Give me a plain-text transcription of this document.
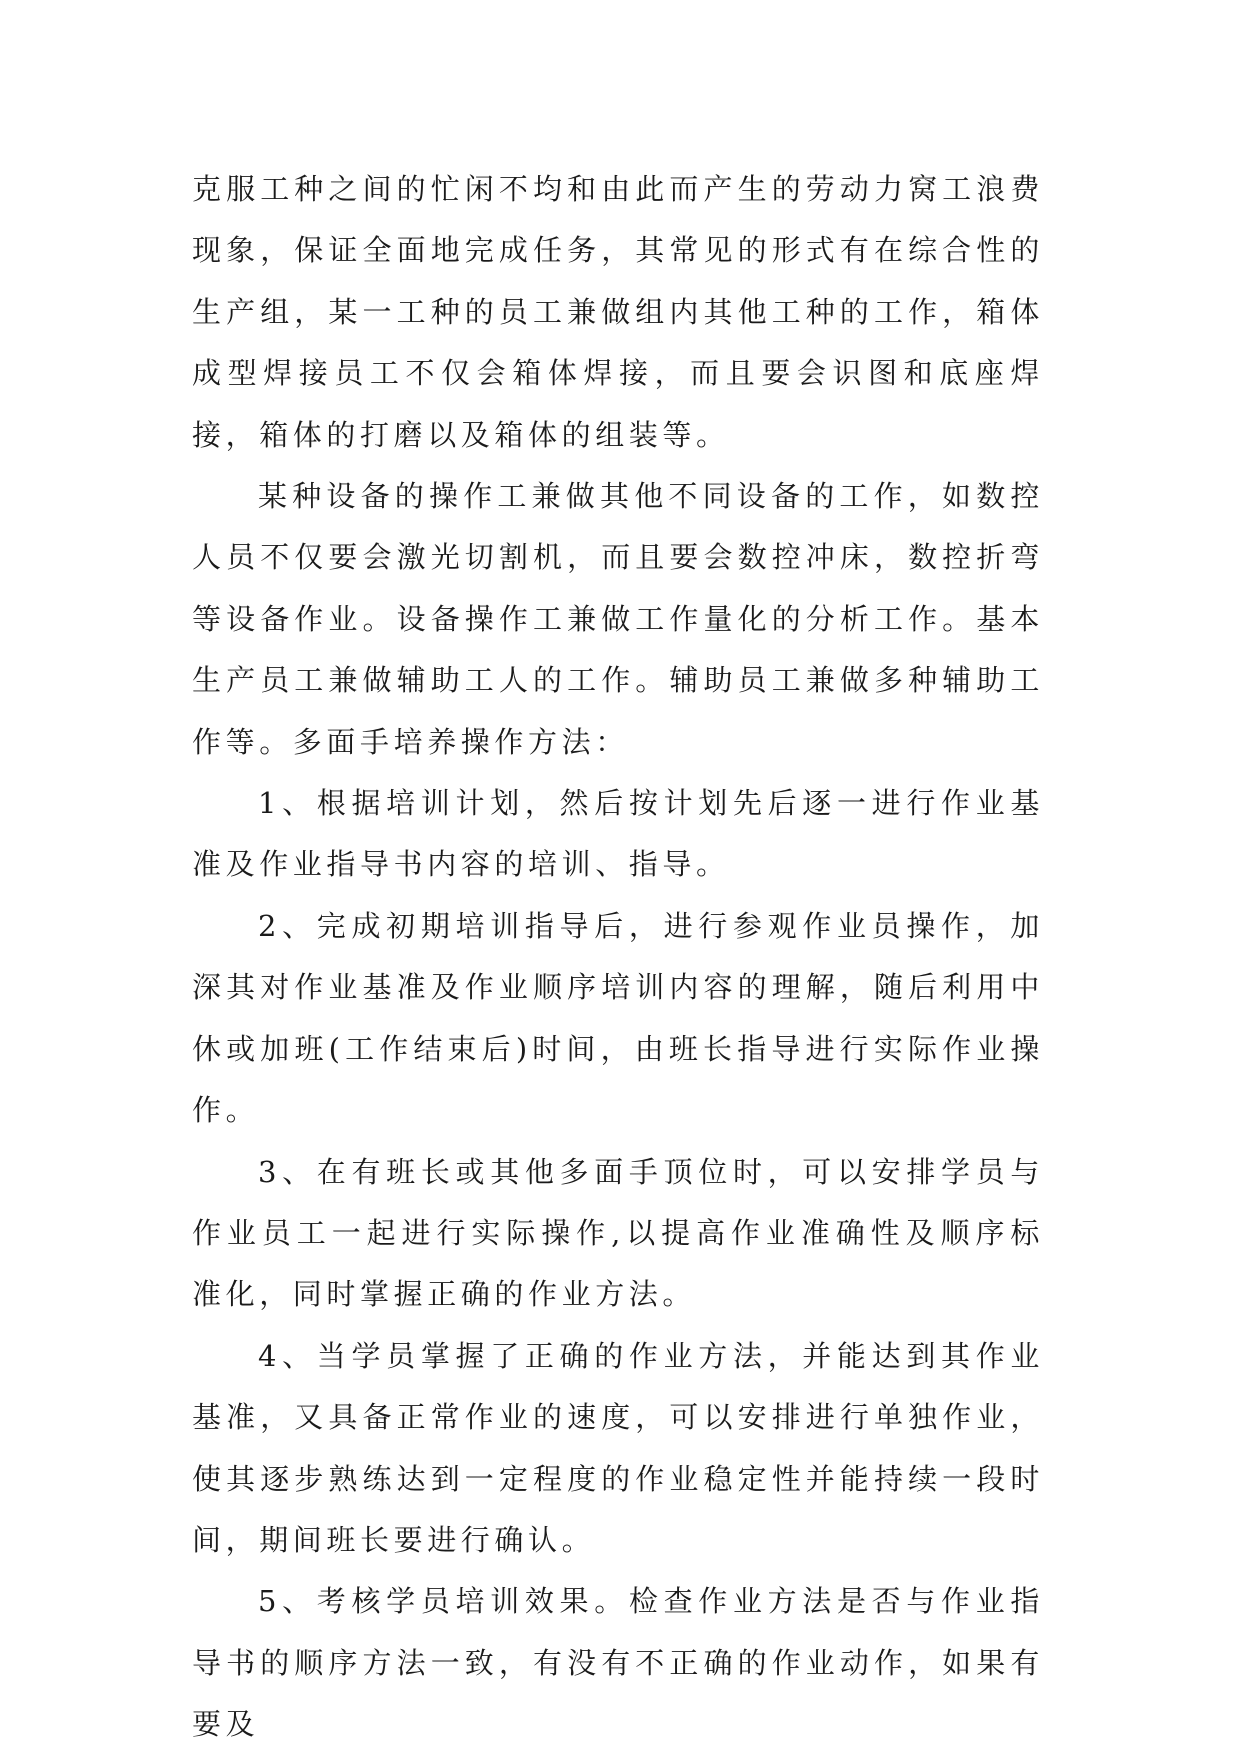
克服工种之间的忙闲不均和由此而产生的劳动力窝工浪费现象，保证全面地完成任务，其常见的形式有在综合性的生产组，某一工种的员工兼做组内其他工种的工作，箱体成型焊接员工不仅会箱体焊接，而且要会识图和底座焊接，箱体的打磨以及箱体的组装等。

某种设备的操作工兼做其他不同设备的工作，如数控人员不仅要会激光切割机，而且要会数控冲床，数控折弯等设备作业。设备操作工兼做工作量化的分析工作。基本生产员工兼做辅助工人的工作。辅助员工兼做多种辅助工作等。多面手培养操作方法：

1、根据培训计划，然后按计划先后逐一进行作业基准及作业指导书内容的培训、指导。

2、完成初期培训指导后，进行参观作业员操作，加深其对作业基准及作业顺序培训内容的理解，随后利用中休或加班(工作结束后)时间，由班长指导进行实际作业操作。

3、在有班长或其他多面手顶位时，可以安排学员与作业员工一起进行实际操作,以提高作业准确性及顺序标准化，同时掌握正确的作业方法。

4、当学员掌握了正确的作业方法，并能达到其作业基准，又具备正常作业的速度，可以安排进行单独作业，使其逐步熟练达到一定程度的作业稳定性并能持续一段时间，期间班长要进行确认。

5、考核学员培训效果。检查作业方法是否与作业指导书的顺序方法一致，有没有不正确的作业动作，如果有要及
